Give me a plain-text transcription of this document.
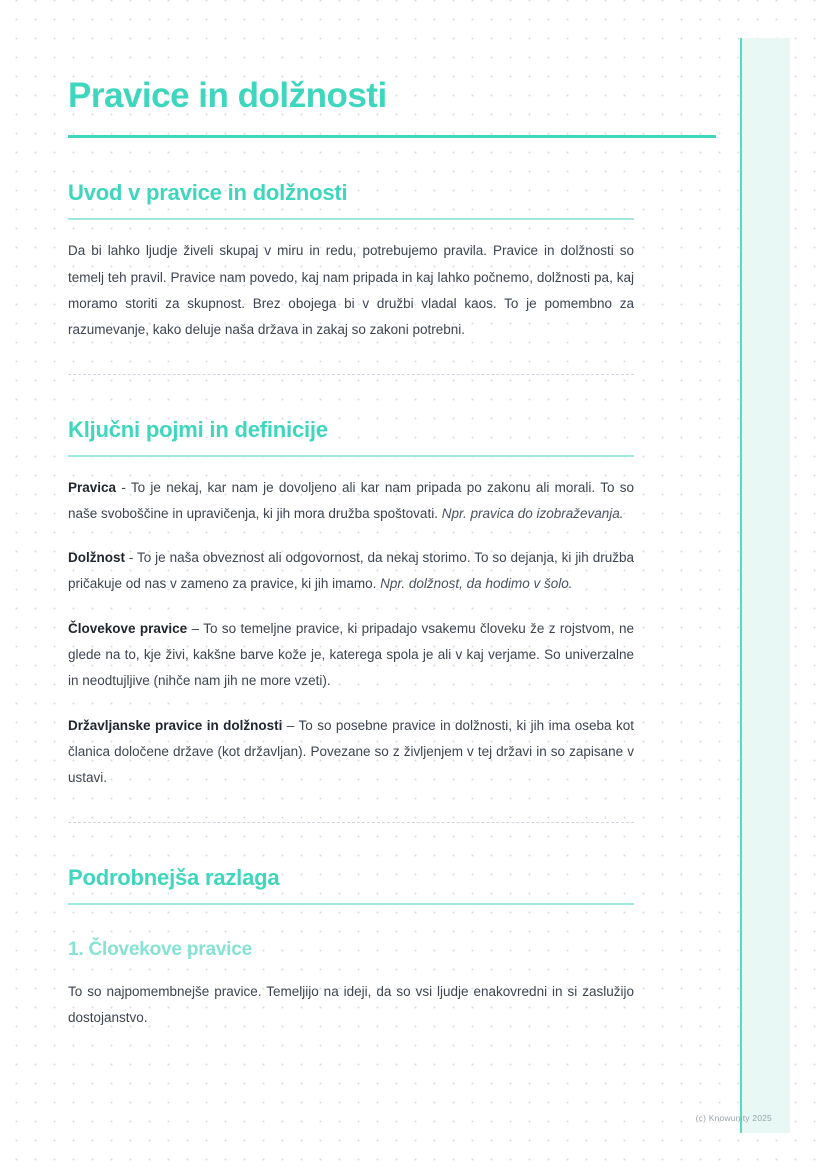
Pravice in dolžnosti
Uvod v pravice in dolžnosti

Da bi lahko ljudje živeli skupaj v miru in redu, potrebujemo pravila. Pravice in dolžnosti so temelj teh pravil. Pravice nam povedo, kaj nam pripada in kaj lahko počnemo, dolžnosti pa, kaj moramo storiti za skupnost. Brez obojega bi v družbi vladal kaos. To je pomembno za razumevanje, kako deluje naša država in zakaj so zakoni potrebni.

Ključni pojmi in definicije

Pravica - To je nekaj, kar nam je dovoljeno ali kar nam pripada po zakonu ali morali. To so naše svoboščine in upravičenja, ki jih mora družba spoštovati. Npr. pravica do izobraževanja.

Dolžnost - To je naša obveznost ali odgovornost, da nekaj storimo. To so dejanja, ki jih družba pričakuje od nas v zameno za pravice, ki jih imamo. Npr. dolžnost, da hodimo v šolo.

Človekove pravice – To so temeljne pravice, ki pripadajo vsakemu človeku že z rojstvom, ne glede na to, kje živi, kakšne barve kože je, katerega spola je ali v kaj verjame. So univerzalne in neodtujljive (nihče nam jih ne more vzeti).

Državljanske pravice in dolžnosti – To so posebne pravice in dolžnosti, ki jih ima oseba kot članica določene države (kot državljan). Povezane so z življenjem v tej državi in so zapisane v ustavi.

Podrobnejša razlaga
1. Človekove pravice

To so najpomembnejše pravice. Temeljijo na ideji, da so vsi ljudje enakovredni in si zaslužijo dostojanstvo.

(c) Knowunity 2025
